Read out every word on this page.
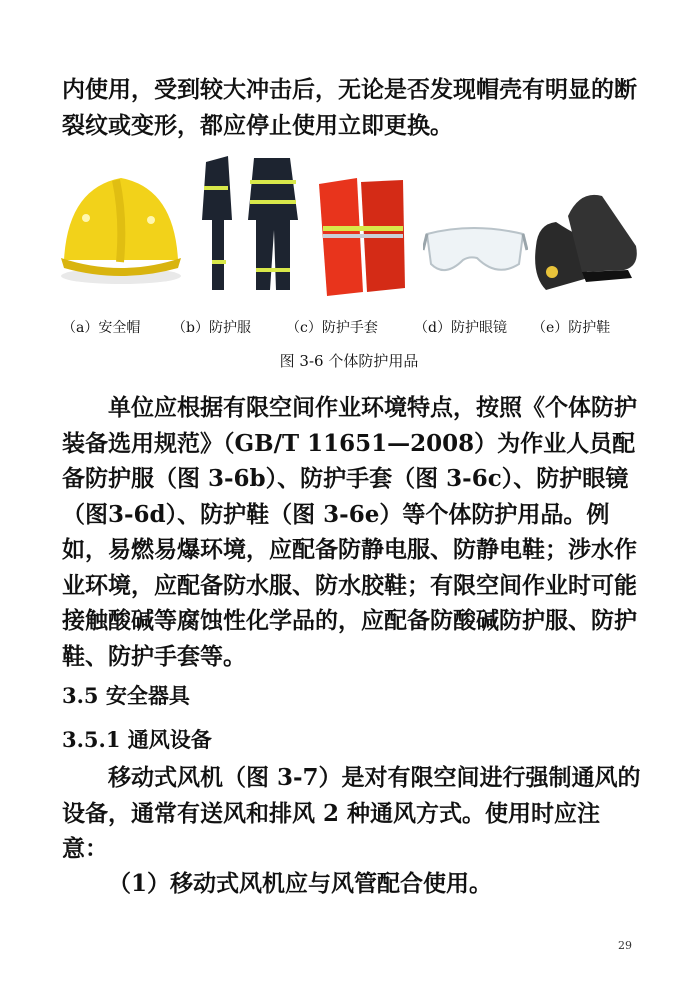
内使用，受到较大冲击后，无论是否发现帽壳有明显的断裂纹或变形，都应停止使用立即更换。
（a）安全帽 （b）防护服	（c）防护手套	（d）防护眼镜 （e）防护鞋
图 3-6 个体防护用品
单位应根据有限空间作业环境特点，按照《个体防护装备选用规范》（GB/T 11651—2008）为作业人员配备防护服（图 3-6b）、防护手套（图 3-6c）、防护眼镜（图3-6d）、防护鞋（图 3-6e）等个体防护用品。例如，易燃易爆环境，应配备防静电服、防静电鞋；涉水作业环境，应配备防水服、防水胶鞋；有限空间作业时可能接触酸碱等腐蚀性化学品的，应配备防酸碱防护服、防护鞋、防护手套等。
3.5 安全器具
3.5.1 通风设备
移动式风机（图 3-7）是对有限空间进行强制通风的设备，通常有送风和排风 2 种通风方式。使用时应注意：
（1）移动式风机应与风管配合使用。
29
